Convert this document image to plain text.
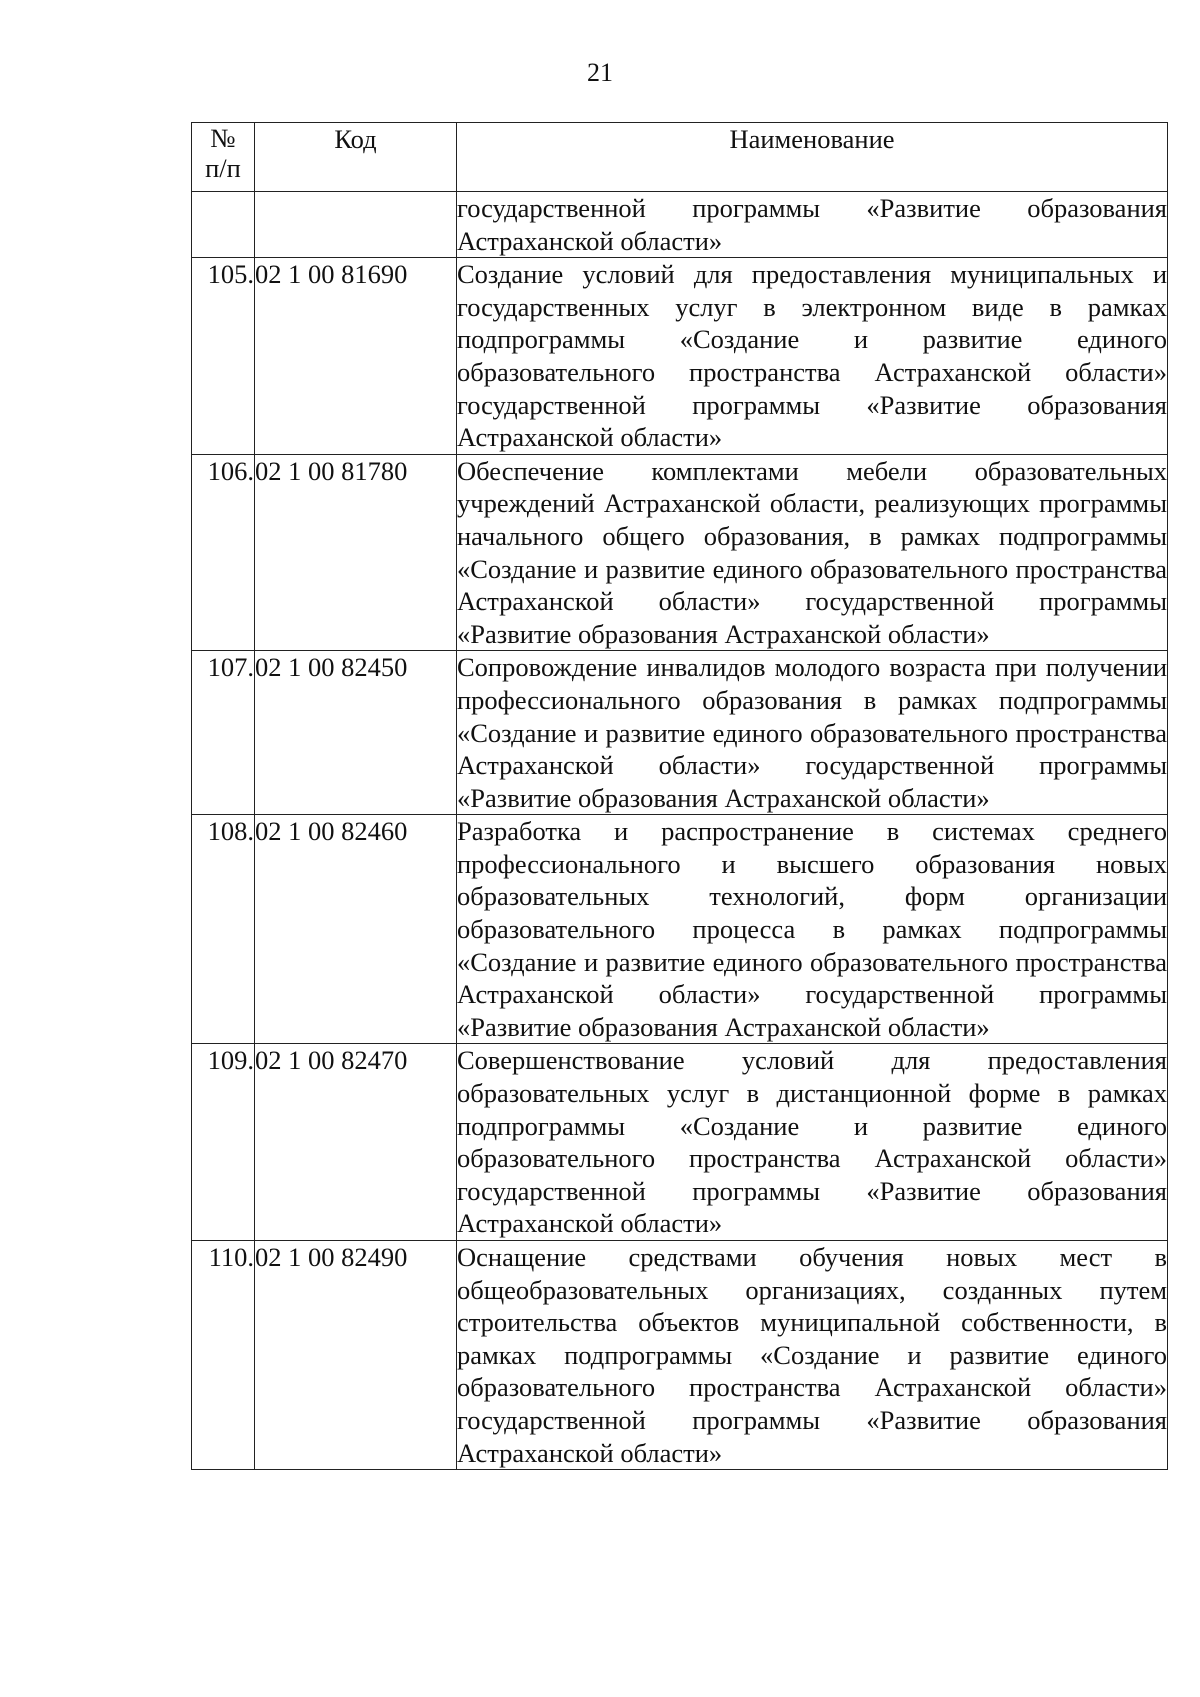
21
№
п/п	Код	Наименование
		государственной программы «Развитие образования Астраханской области»
105.	02 1 00 81690	Создание условий для предоставления муниципальных и государственных услуг в электронном виде в рамках подпрограммы «Создание и развитие единого образовательного пространства Астраханской области» государственной программы «Развитие образования Астраханской области»
106.	02 1 00 81780	Обеспечение комплектами мебели образовательных учреждений Астраханской области, реализующих программы начального общего образования, в рамках подпрограммы «Создание и развитие единого образовательного пространства Астраханской области» государственной программы «Развитие образования Астраханской области»
107.	02 1 00 82450	Сопровождение инвалидов молодого возраста при получении профессионального образования в рамках подпрограммы «Создание и развитие единого образовательного пространства Астраханской области» государственной программы «Развитие образования Астраханской области»
108.	02 1 00 82460	Разработка и распространение в системах среднего профессионального и высшего образования новых образовательных технологий, форм организации образовательного процесса в рамках подпрограммы «Создание и развитие единого образовательного пространства Астраханской области» государственной программы «Развитие образования Астраханской области»
109.	02 1 00 82470	Совершенствование условий для предоставления образовательных услуг в дистанционной форме в рамках подпрограммы «Создание и развитие единого образовательного пространства Астраханской области» государственной программы «Развитие образования Астраханской области»
110.	02 1 00 82490	Оснащение средствами обучения новых мест в общеобразовательных организациях, созданных путем строительства объектов муниципальной собственности, в рамках подпрограммы «Создание и развитие единого образовательного пространства Астраханской области» государственной программы «Развитие образования Астраханской области»
